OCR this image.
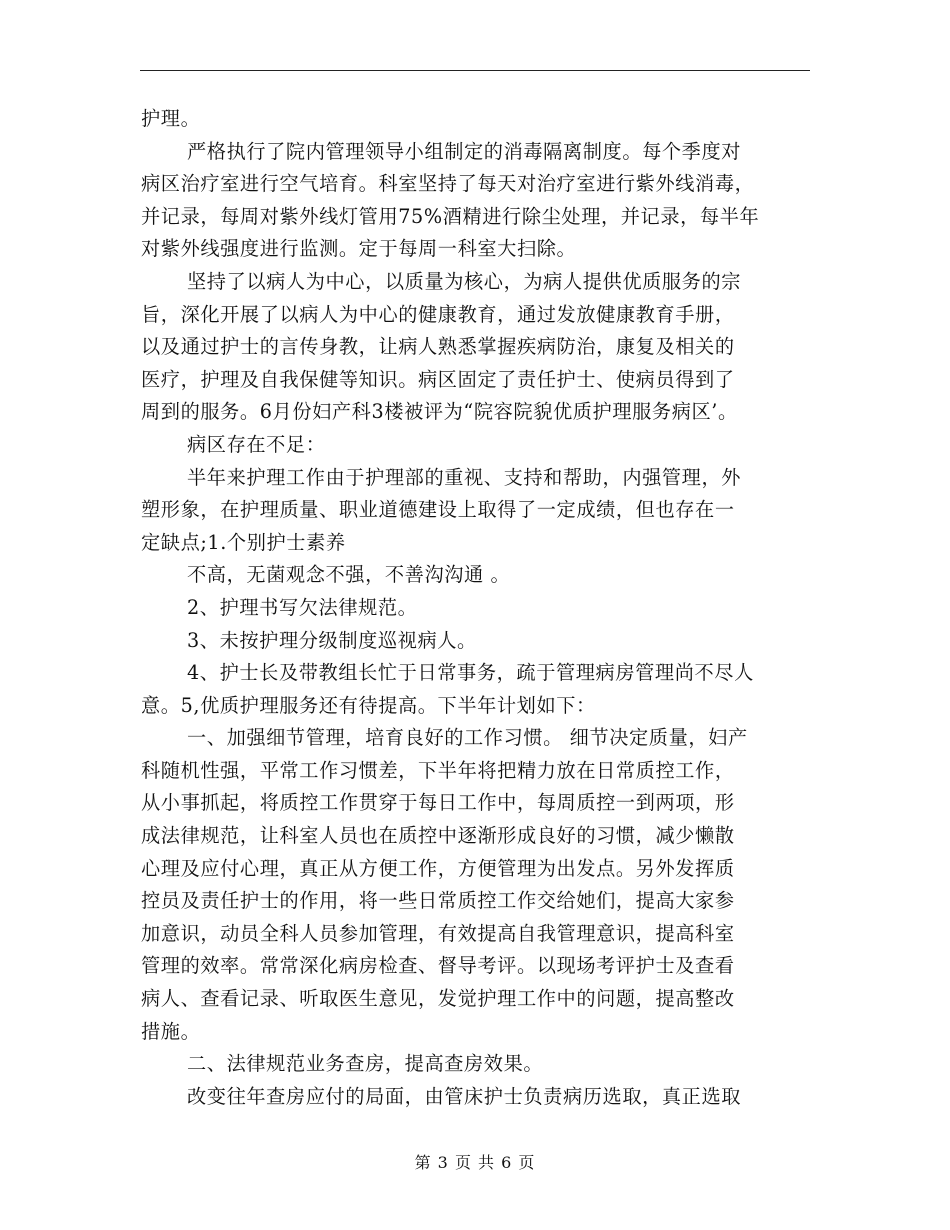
护理。
严格执行了院内管理领导小组制定的消毒隔离制度。每个季度对
病区治疗室进行空气培育。科室坚持了每天对治疗室进行紫外线消毒，
并记录，每周对紫外线灯管用75%酒精进行除尘处理，并记录，每半年
对紫外线强度进行监测。定于每周一科室大扫除。
坚持了以病人为中心，以质量为核心，为病人提供优质服务的宗
旨，深化开展了以病人为中心的健康教育，通过发放健康教育手册，
以及通过护士的言传身教，让病人熟悉掌握疾病防治，康复及相关的
医疗，护理及自我保健等知识。病区固定了责任护士、使病员得到了
周到的服务。6月份妇产科3楼被评为“院容院貌优质护理服务病区’。
病区存在不足：
半年来护理工作由于护理部的重视、支持和帮助，内强管理，外
塑形象，在护理质量、职业道德建设上取得了一定成绩，但也存在一
定缺点;1.个别护士素养
不高，无菌观念不强，不善沟沟通 。
2、护理书写欠法律规范。
3、未按护理分级制度巡视病人。
4、护士长及带教组长忙于日常事务，疏于管理病房管理尚不尽人
意。5,优质护理服务还有待提高。下半年计划如下：
一、加强细节管理，培育良好的工作习惯。 细节决定质量，妇产
科随机性强，平常工作习惯差，下半年将把精力放在日常质控工作，
从小事抓起，将质控工作贯穿于每日工作中，每周质控一到两项，形
成法律规范，让科室人员也在质控中逐渐形成良好的习惯，减少懒散
心理及应付心理，真正从方便工作，方便管理为出发点。另外发挥质
控员及责任护士的作用，将一些日常质控工作交给她们，提高大家参
加意识，动员全科人员参加管理，有效提高自我管理意识，提高科室
管理的效率。常常深化病房检查、督导考评。以现场考评护士及查看
病人、查看记录、听取医生意见，发觉护理工作中的问题，提高整改
措施。
二、法律规范业务查房，提高查房效果。
改变往年查房应付的局面，由管床护士负责病历选取，真正选取
第 3 页 共 6 页
